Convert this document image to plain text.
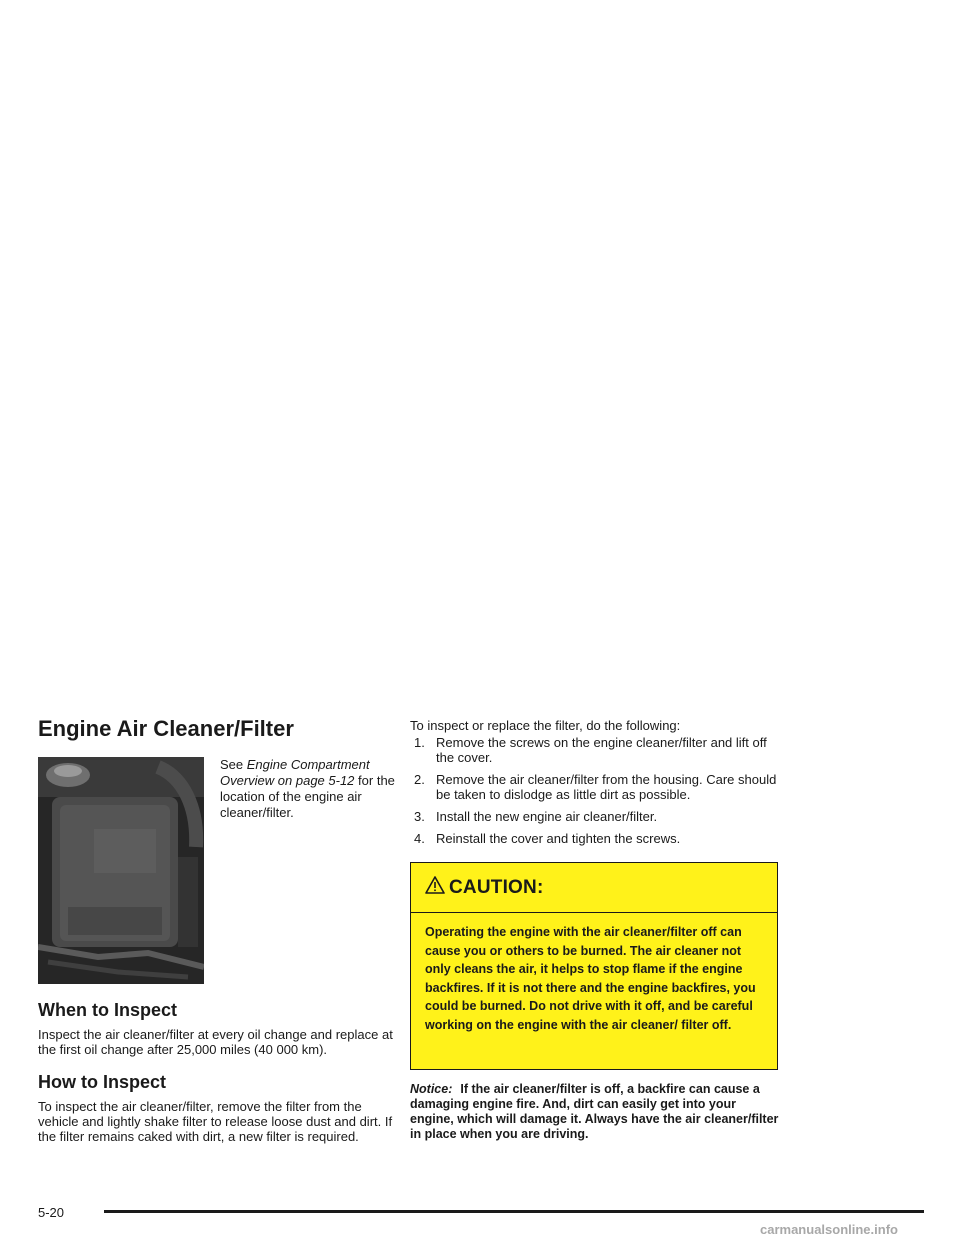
Engine Air Cleaner/Filter
See Engine Compartment Overview on page 5-12 for the location of the engine air cleaner/filter.
When to Inspect

Inspect the air cleaner/filter at every oil change and replace at the first oil change after 25,000 miles (40 000 km).

How to Inspect

To inspect the air cleaner/filter, remove the filter from the vehicle and lightly shake filter to release loose dust and dirt. If the filter remains caked with dirt, a new filter is required.

To inspect or replace the filter, do the following:

1. Remove the screws on the engine cleaner/filter and lift off the cover.
2. Remove the air cleaner/filter from the housing. Care should be taken to dislodge as little dirt as possible.
3. Install the new engine air cleaner/filter.
4. Reinstall the cover and tighten the screws.
CAUTION:
Operating the engine with the air cleaner/filter off can cause you or others to be burned. The air cleaner not only cleans the air, it helps to stop flame if the engine backfires. If it is not there and the engine backfires, you could be burned. Do not drive with it off, and be careful working on the engine with the air cleaner/ filter off.
Notice: If the air cleaner/filter is off, a backfire can cause a damaging engine fire. And, dirt can easily get into your engine, which will damage it. Always have the air cleaner/filter in place when you are driving.
5-20
carmanualsonline.info
